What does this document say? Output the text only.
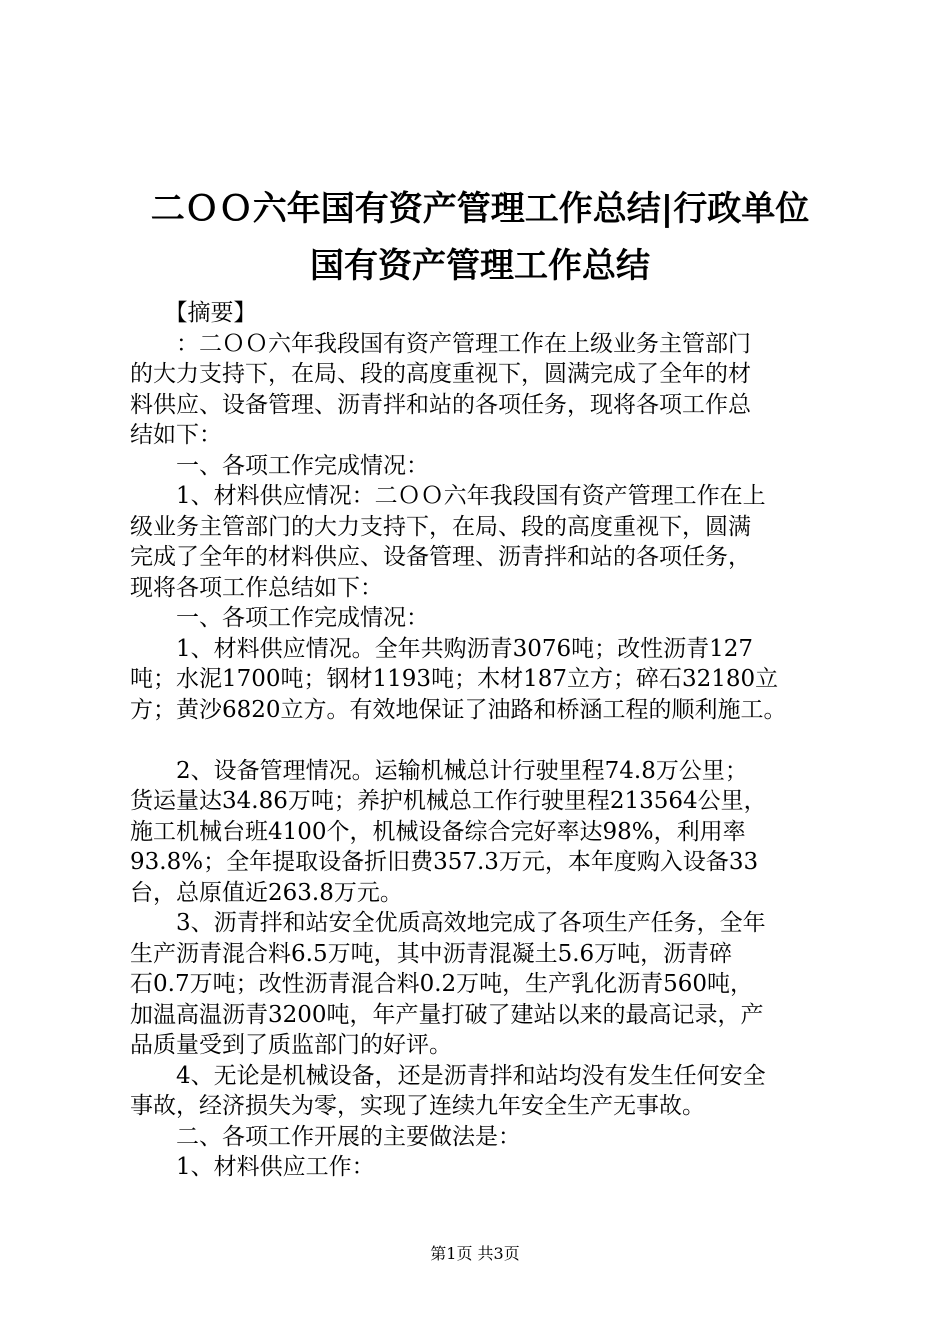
二ＯＯ六年国有资产管理工作总结|行政单位
国有资产管理工作总结

　　【摘要】

　　：二ＯＯ六年我段国有资产管理工作在上级业务主管部门

的大力支持下，在局、段的高度重视下，圆满完成了全年的材

料供应、设备管理、沥青拌和站的各项任务，现将各项工作总

结如下：

　　一、各项工作完成情况：

　　1、材料供应情况：二ＯＯ六年我段国有资产管理工作在上

级业务主管部门的大力支持下，在局、段的高度重视下，圆满

完成了全年的材料供应、设备管理、沥青拌和站的各项任务，

现将各项工作总结如下：

　　一、各项工作完成情况：

　　1、材料供应情况。全年共购沥青3076吨；改性沥青127

吨；水泥1700吨；钢材1193吨；木材187立方；碎石32180立

方；黄沙6820立方。有效地保证了油路和桥涵工程的顺利施工。

　　2、设备管理情况。运输机械总计行驶里程74.8万公里；

货运量达34.86万吨；养护机械总工作行驶里程213564公里，

施工机械台班4100个，机械设备综合完好率达98%，利用率

93.8%；全年提取设备折旧费357.3万元，本年度购入设备33

台，总原值近263.8万元。

　　3、沥青拌和站安全优质高效地完成了各项生产任务，全年

生产沥青混合料6.5万吨，其中沥青混凝土5.6万吨，沥青碎

石0.7万吨；改性沥青混合料0.2万吨，生产乳化沥青560吨，

加温高温沥青3200吨，年产量打破了建站以来的最高记录，产

品质量受到了质监部门的好评。

　　4、无论是机械设备，还是沥青拌和站均没有发生任何安全

事故，经济损失为零，实现了连续九年安全生产无事故。

　　二、各项工作开展的主要做法是：

　　1、材料供应工作：

第1页 共3页
